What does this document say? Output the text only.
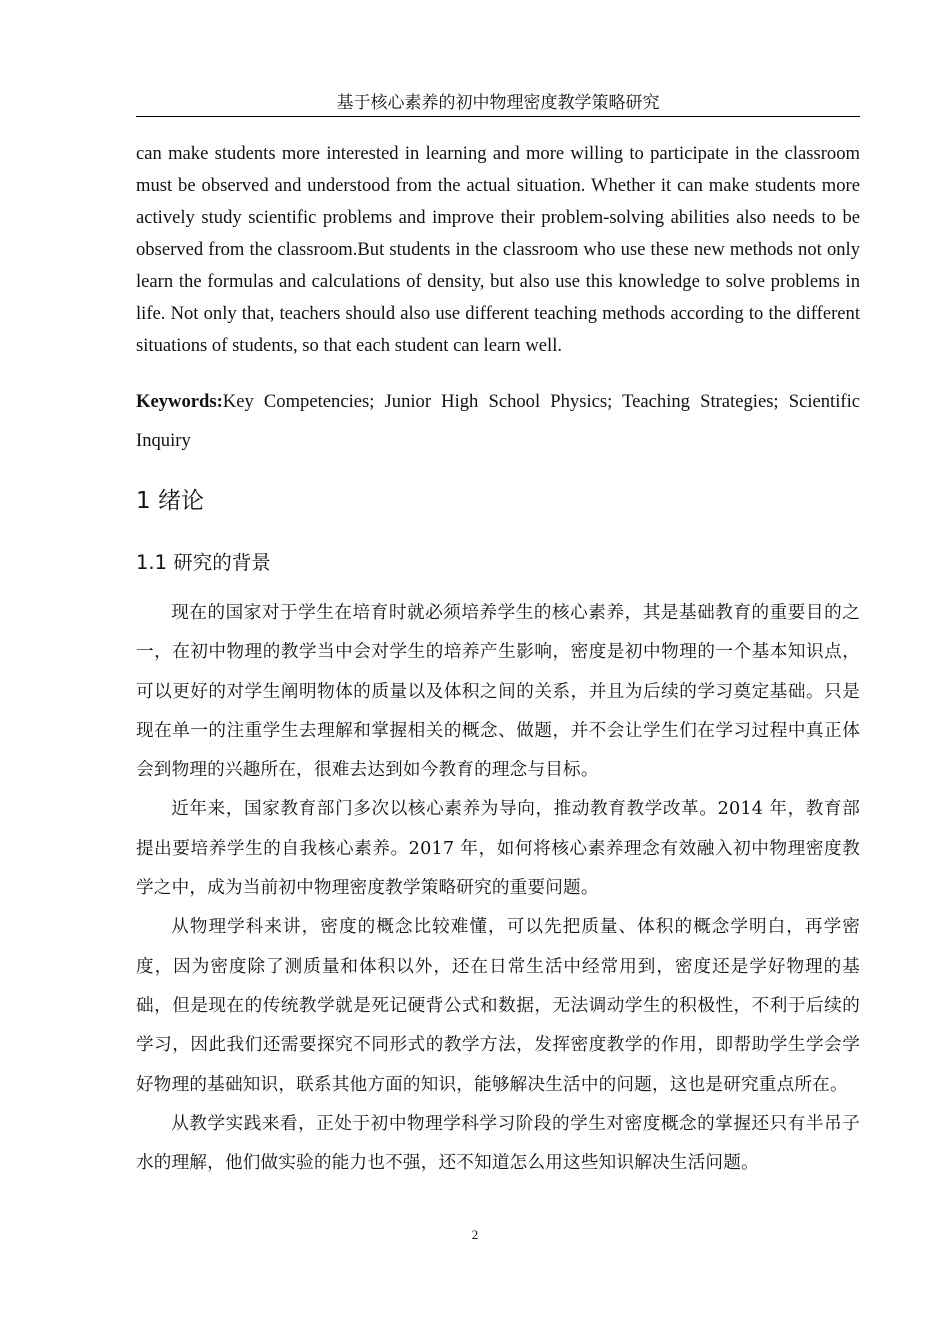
基于核心素养的初中物理密度教学策略研究

can make students more interested in learning and more willing to participate in the classroom must be observed and understood from the actual situation. Whether it can make students more actively study scientific problems and improve their problem-solving abilities also needs to be observed from the classroom.But students in the classroom who use these new methods not only learn the formulas and calculations of density, but also use this knowledge to solve problems in life. Not only that, teachers should also use different teaching methods according to the different situations of students, so that each student can learn well.

Keywords:Key Competencies; Junior High School Physics; Teaching Strategies; Scientific Inquiry

1 绪论
1.1 研究的背景

现在的国家对于学生在培育时就必须培养学生的核心素养，其是基础教育的重要目的之一，在初中物理的教学当中会对学生的培养产生影响，密度是初中物理的一个基本知识点，可以更好的对学生阐明物体的质量以及体积之间的关系，并且为后续的学习奠定基础。只是现在单一的注重学生去理解和掌握相关的概念、做题，并不会让学生们在学习过程中真正体会到物理的兴趣所在，很难去达到如今教育的理念与目标。

近年来，国家教育部门多次以核心素养为导向，推动教育教学改革。2014 年，教育部提出要培养学生的自我核心素养。2017 年，如何将核心素养理念有效融入初中物理密度教学之中，成为当前初中物理密度教学策略研究的重要问题。

从物理学科来讲，密度的概念比较难懂，可以先把质量、体积的概念学明白，再学密度，因为密度除了测质量和体积以外，还在日常生活中经常用到，密度还是学好物理的基础，但是现在的传统教学就是死记硬背公式和数据，无法调动学生的积极性，不利于后续的学习，因此我们还需要探究不同形式的教学方法，发挥密度教学的作用，即帮助学生学会学好物理的基础知识，联系其他方面的知识，能够解决生活中的问题，这也是研究重点所在。

从教学实践来看，正处于初中物理学科学习阶段的学生对密度概念的掌握还只有半吊子水的理解，他们做实验的能力也不强，还不知道怎么用这些知识解决生活问题。

2
